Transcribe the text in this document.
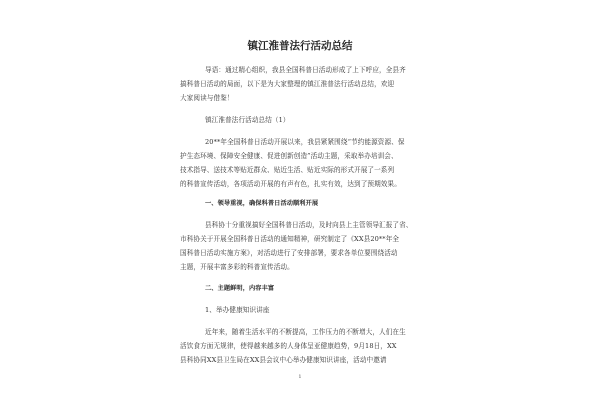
镇江淮普法行活动总结
导语：通过精心组织，我县全国科普日活动形成了上下呼应，全县齐
搞科普日活动的局面，以下是为大家整理的镇江淮普法行活动总结，欢迎
大家阅读与借鉴！
镇江淮普法行活动总结（1）
20**年全国科普日活动开展以来，我县紧紧围绕“节约能源资源、保
护生态环境、保障安全健康、促进创新创造”活动主题，采取举办培训会、
技术指导、送技术等贴近群众、贴近生活、贴近实际的形式开展了一系列
的科普宣传活动，各项活动开展的有声有色，扎实有效，达到了预期效果。
一、领导重视，确保科普日活动顺利开展
县科协十分重视搞好全国科普日活动，及时向县上主管领导汇报了省、
市科协关于开展全国科普日活动的通知精神，研究制定了《XX县20**年全
国科普日活动实施方案》，对活动进行了安排部署，要求各单位要围绕活动
主题，开展丰富多彩的科普宣传活动。
二、主题鲜明，内容丰富
1、举办健康知识讲座
近年来，随着生活水平的不断提高，工作压力的不断增大，人们在生
活饮食方面无规律，使得越来越多的人身体呈亚健康趋势，9月18日，XX
县科协同XX县卫生局在XX县会议中心举办健康知识讲座，活动中邀请
1
